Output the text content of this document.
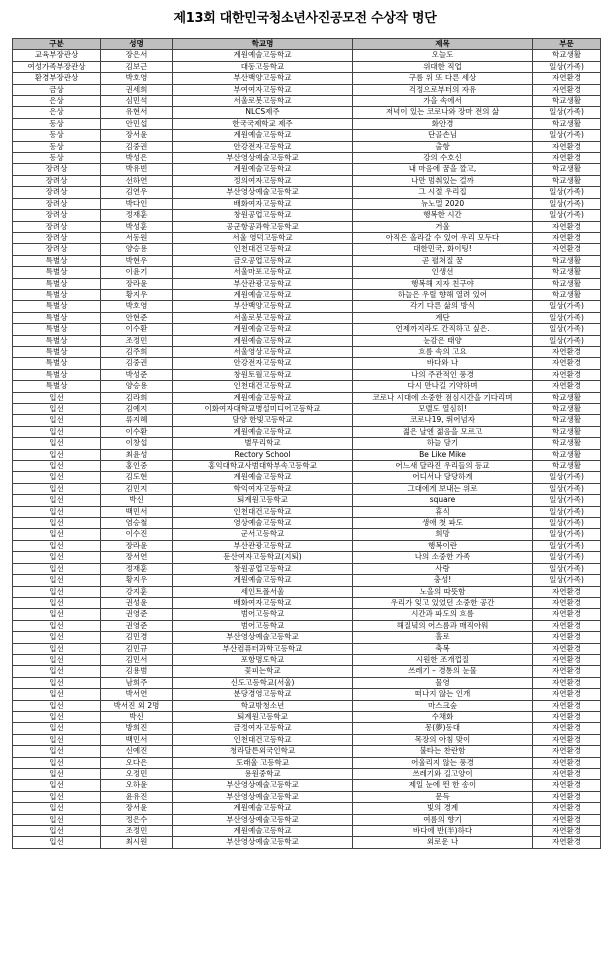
제13회 대한민국청소년사진공모전 수상작 명단
구분	성명	학교명	제목	부문
교육부장관상	장은서	계원예술고등학교	오늘도	학교생활
여성가족부장관상	김보근	대동고등학교	위대한 직업	일상(가족)
환경부장관상	박호영	부산백양고등학교	구름 위 또 다른 세상	자연환경
금상	권세희	부여여자고등학교	걱정으로부터의 자유	자연환경
은상	심민석	서울로봇고등학교	가을 속에서	학교생활
은상	유현서	NLCS제주	저녁이 있는 코로나와 장마 전의 삶	일상(가족)
동상	안민섭	한국국제학교 제주	화안경	학교생활
동상	장서윤	계원예술고등학교	단골손님	일상(가족)
동상	김중권	안강전자고등학교	출항	자연환경
동상	박성은	부산영상예술고등학교	강의 수호신	자연환경
장려상	박유빈	계원예술고등학교	내 마음에 꿈을 깔고,	학교생활
장려상	선하연	정의여자고등학교	나만 멈춰있는 걸까	학교생활
장려상	김연우	부산영상예술고등학교	그 시절 우리집	일상(가족)
장려상	박다인	배화여자고등학교	뉴노멀 2020	일상(가족)
장려상	정재훈	창원공업고등학교	행복한 시간	일상(가족)
장려상	박성훈	공군항공과학고등학교	거울	자연환경
장려상	서동원	서울 영덕고등학교	아직은 올라갈 수 있어 우리 모두다	자연환경
장려상	양승용	인천대건고등학교	대한민국, 화이팅!	자연환경
특별상	박현우	금오공업고등학교	곧 펼쳐질 꿈	학교생활
특별상	이윤기	서울마포고등학교	인생선	학교생활
특별상	장라윤	부산관광고등학교	행복해 지자 친구야	학교생활
특별상	황지우	계원예술고등학교	하늘은 우릴 향해 열려 있어	학교생활
특별상	박호영	부산백양고등학교	각기 다른 삶의 방식	일상(가족)
특별상	안현준	서울로봇고등학교	계단	일상(가족)
특별상	이수환	계원예술고등학교	언제까지라도 간직하고 싶은.	일상(가족)
특별상	조정민	계원예술고등학교	눈감은 태양	일상(가족)
특별상	김주희	서울영상고등학교	흐름 속의 고요	자연환경
특별상	김중권	안강전자고등학교	바다와 나	자연환경
특별상	박성준	창원토월고등학교	나의 주관적인 풍경	자연환경
특별상	양승용	인천대건고등학교	다시 만나길 기약하며	자연환경
입선	김라희	계원예술고등학교	코로나 시대에 소중한 점심시간을 기다리며	학교생활
입선	김예지	이화여자대학교병설미디어고등학교	모델도 열심히!	학교생활
입선	류지혜	담양 한빛고등학교	코로나19, 뛰어넘자	학교생활
입선	이수환	계원예술고등학교	젊은 날엔 젊음을 모르고	학교생활
입선	이창섭	별무리학교	하늘 담기	학교생활
입선	최윤성	Rectory School	Be Like Mike	학교생활
입선	홍인중	홍익대학교사범대학부속고등학교	어느새 달라진 우리들의 등교	학교생활
입선	김도현	계원예술고등학교	어디서나 당당하게	일상(가족)
입선	김민지	학익여자고등학교	그대에게 보내는 위로	일상(가족)
입선	박신	퇴계원고등학교	square	일상(가족)
입선	백민서	인천대건고등학교	휴식	일상(가족)
입선	염승철	영상예술고등학교	생애 첫 파도	일상(가족)
입선	이수진	군서고등학교	희망	일상(가족)
입선	장라윤	부산관광고등학교	행복이란	일상(가족)
입선	장서연	둔산여자고등학교(지퇴)	나의 소중한 가족	일상(가족)
입선	정재훈	창원공업고등학교	사랑	일상(가족)
입선	황지우	계원예술고등학교	충성!	일상(가족)
입선	강지훈	세인트폴서울	노을의 따뜻함	자연환경
입선	권성윤	배화여자고등학교	우리가 잊고 있었던 소중한 공간	자연환경
입선	권영준	범어고등학교	시간과 파도의 흐름	자연환경
입선	권영준	범어고등학교	해질녘의 어스름과 매직아워	자연환경
입선	김민경	부산영상예술고등학교	홀로	자연환경
입선	김민규	부산컴퓨터과학고등학교	축복	자연환경
입선	김민서	포항명도학교	시원한 조개껍질	자연환경
입선	김용범	꽃피는학교	쓰레기 – 경통의 눈물	자연환경
입선	남희주	신도고등학교(서울)	물영	자연환경
입선	박서연	분당경영고등학교	떠나지 않는 인개	자연환경
입선	박서진 외 2명	학교밖청소년	마스크숲	자연환경
입선	박신	퇴계원고등학교	수채화	자연환경
입선	방희진	금정여자고등학교	몽(夢)동대	자연환경
입선	백민서	인천대건고등학교	목장의 아침 맞이	자연환경
입선	신예진	청라달튼외국인학교	불타는 찬란함	자연환경
입선	오다은	도래울 고등학교	어울리지 않는 풍경	자연환경
입선	오정민	용원중학교	쓰레기와 길고양이	자연환경
입선	오하윤	부산영상예술고등학교	제일 눈에 띈 한 송이	자연환경
입선	윤유진	부산영상예술고등학교	문득	자연환경
입선	장서윤	계원예술고등학교	빛의 경계	자연환경
입선	정은수	부산영상예술고등학교	여름의 향기	자연환경
입선	조정민	계원예술고등학교	바다에 반(半)하다	자연환경
입선	최시원	부산영상예술고등학교	외로운 나	자연환경
